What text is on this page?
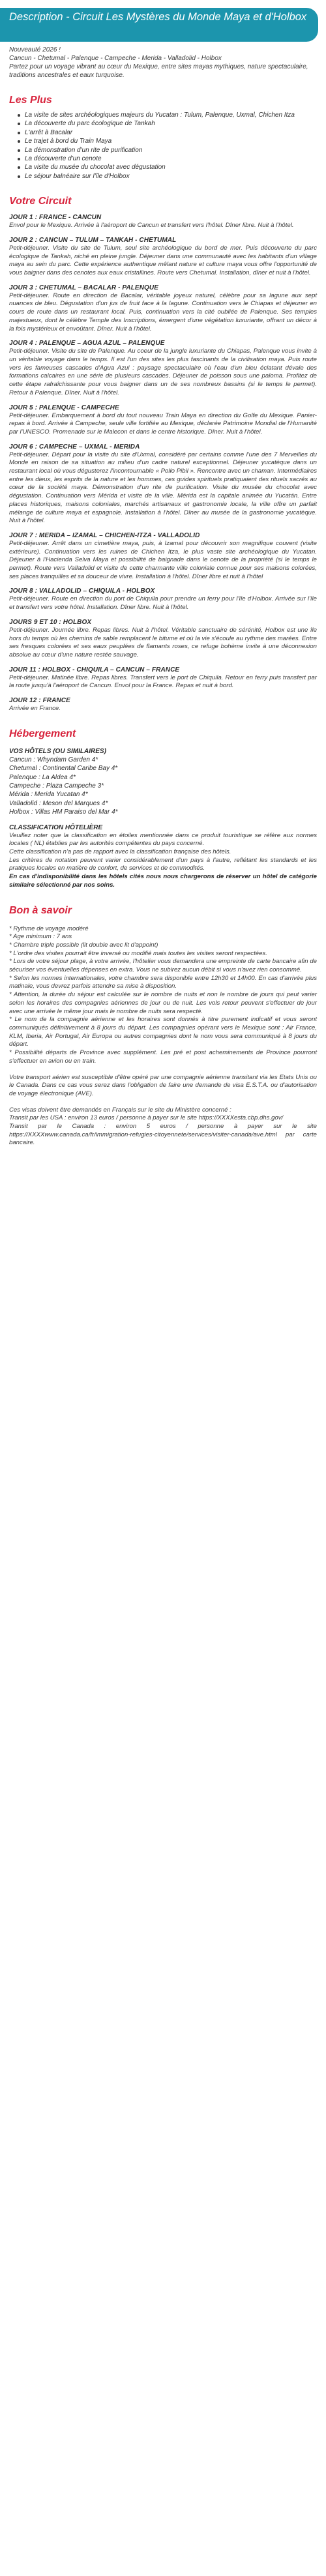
Description - Circuit Les Mystères du Monde Maya et d'Holbox

Nouveauté 2026 !

Cancun - Chetumal - Palenque - Campeche - Merida - Valladolid - Holbox

Partez pour un voyage vibrant au cœur du Mexique, entre sites mayas mythiques, nature spectaculaire, traditions ancestrales et eaux turquoise.

Les Plus
La visite de sites archéologiques majeurs du Yucatan : Tulum, Palenque, Uxmal, Chichen Itza
La découverte du parc écologique de Tankah
L'arrêt à Bacalar
Le trajet à bord du Train Maya
La démonstration d'un rite de purification
La découverte d'un cenote
La visite du musée du chocolat avec dégustation
Le séjour balnéaire sur l'île d'Holbox
Votre Circuit
JOUR 1 : FRANCE - CANCUN
Envol pour le Mexique. Arrivée à l'aéroport de Cancun et transfert vers l'hôtel. Dîner libre. Nuit à l'hôtel.
JOUR 2 : CANCUN – TULUM – TANKAH - CHETUMAL
Petit-déjeuner. Visite du site de Tulum, seul site archéologique du bord de mer. Puis découverte du parc écologique de Tankah, niché en pleine jungle. Déjeuner dans une communauté avec les habitants d'un village maya au sein du parc. Cette expérience authentique mêlant nature et culture maya vous offre l'opportunité de vous baigner dans des cenotes aux eaux cristallines. Route vers Chetumal. Installation, dîner et nuit à l'hôtel.
JOUR 3 : CHETUMAL – BACALAR - PALENQUE
Petit-déjeuner. Route en direction de Bacalar, véritable joyeux naturel, célèbre pour sa lagune aux sept nuances de bleu. Dégustation d'un jus de fruit face à la lagune. Continuation vers le Chiapas et déjeuner en cours de route dans un restaurant local. Puis, continuation vers la cité oubliée de Palenque. Ses temples majestueux, dont le célèbre Temple des Inscriptions, émergent d'une végétation luxuriante, offrant un décor à la fois mystérieux et envoûtant. Dîner. Nuit à l'hôtel.
JOUR 4 : PALENQUE – AGUA AZUL – PALENQUE
Petit-déjeuner. Visite du site de Palenque. Au coeur de la jungle luxuriante du Chiapas, Palenque vous invite à un véritable voyage dans le temps. Il est l'un des sites les plus fascinants de la civilisation maya. Puis route vers les fameuses cascades d'Agua Azul : paysage spectaculaire où l'eau d'un bleu éclatant dévale des formations calcaires en une série de plusieurs cascades. Déjeuner de poisson sous une paloma. Profitez de cette étape rafraîchissante pour vous baigner dans un de ses nombreux bassins (si le temps le permet). Retour à Palenque. Dîner. Nuit à l'hôtel.
JOUR 5 : PALENQUE - CAMPECHE
Petit-déjeuner. Embarquement à bord du tout nouveau Train Maya en direction du Golfe du Mexique. Panier-repas à bord. Arrivée à Campeche, seule ville fortifiée au Mexique, déclarée Patrimoine Mondial de l'Humanité par l'UNESCO. Promenade sur le Malecon et dans le centre historique. Dîner. Nuit à l'hôtel.
JOUR 6 : CAMPECHE – UXMAL - MERIDA
Petit-déjeuner. Départ pour la visite du site d'Uxmal, considéré par certains comme l'une des 7 Merveilles du Monde en raison de sa situation au milieu d'un cadre naturel exceptionnel. Déjeuner yucatèque dans un restaurant local où vous dégusterez l'incontournable « Pollo Pibil ». Rencontre avec un chaman. Intermédiaires entre les dieux, les esprits de la nature et les hommes, ces guides spirituels pratiquaient des rituels sacrés au cœur de la société maya. Démonstration d'un rite de purification. Visite du musée du chocolat avec dégustation. Continuation vers Mérida et visite de la ville. Mérida est la capitale animée du Yucatán. Entre places historiques, maisons coloniales, marchés artisanaux et gastronomie locale, la ville offre un parfait mélange de culture maya et espagnole. Installation à l'hôtel. Dîner au musée de la gastronomie yucatèque. Nuit à l'hôtel.
JOUR 7 : MERIDA – IZAMAL – CHICHEN-ITZA - VALLADOLID
Petit-déjeuner. Arrêt dans un cimetière maya, puis, à Izamal pour découvrir son magnifique couvent (visite extérieure). Continuation vers les ruines de Chichen Itza, le plus vaste site archéologique du Yucatan. Déjeuner à l'Hacienda Selva Maya et possibilité de baignade dans le cenote de la propriété (si le temps le permet). Route vers Valladolid et visite de cette charmante ville coloniale connue pour ses maisons colorées, ses places tranquilles et sa douceur de vivre. Installation à l'hôtel. Dîner libre et nuit à l'hôtel
JOUR 8 : VALLADOLID – CHIQUILA - HOLBOX
Petit-déjeuner. Route en direction du port de Chiquila pour prendre un ferry pour l'île d'Holbox. Arrivée sur l'île et transfert vers votre hôtel. Installation. Dîner libre. Nuit à l'hôtel.
JOURS 9 ET 10 : HOLBOX
Petit-déjeuner. Journée libre. Repas libres. Nuit à l'hôtel. Véritable sanctuaire de sérénité, Holbox est une île hors du temps où les chemins de sable remplacent le bitume et où la vie s'écoule au rythme des marées. Entre ses fresques colorées et ses eaux peuplées de flamants roses, ce refuge bohème invite à une déconnexion absolue au cœur d'une nature restée sauvage.
JOUR 11 : HOLBOX - CHIQUILA – CANCUN – FRANCE
Petit-déjeuner. Matinée libre. Repas libres. Transfert vers le port de Chiquila. Retour en ferry puis transfert par la route jusqu'à l'aéroport de Cancun. Envol pour la France. Repas et nuit à bord.
JOUR 12 : FRANCE
Arrivée en France.
Hébergement
VOS HÔTELS (OU SIMILAIRES)
Cancun : Whyndam Garden 4*
Chetumal : Continental Caribe Bay 4*
Palenque : La Aldea 4*
Campeche : Plaza Campeche 3*
Mérida : Merida Yucatan 4*
Valladolid : Meson del Marques 4*
Holbox : Villas HM Paraiso del Mar 4*
CLASSIFICATION HÔTELIÈRE

Veuillez noter que la classification en étoiles mentionnée dans ce produit touristique se réfère aux normes locales ( NL) établies par les autorités compétentes du pays concerné.

Cette classification n'a pas de rapport avec la classification française des hôtels.

Les critères de notation peuvent varier considérablement d'un pays à l'autre, reflétant les standards et les pratiques locales en matière de confort, de services et de commodités.

En cas d'indisponibilité dans les hôtels cités nous nous chargerons de réserver un hôtel de catégorie similaire sélectionné par nos soins.

Bon à savoir

* Rythme de voyage modéré

* Age minimum : 7 ans

* Chambre triple possible (lit double avec lit d'appoint)

* L'ordre des visites pourrait être inversé ou modifié mais toutes les visites seront respectées.

* Lors de votre séjour plage, à votre arrivée, l'hôtelier vous demandera une empreinte de carte bancaire afin de sécuriser vos éventuelles dépenses en extra. Vous ne subirez aucun débit si vous n'avez rien consommé.

* Selon les normes internationales, votre chambre sera disponible entre 12h30 et 14h00. En cas d'arrivée plus matinale, vous devrez parfois attendre sa mise à disposition.

* Attention, la durée du séjour est calculée sur le nombre de nuits et non le nombre de jours qui peut varier selon les horaires des compagnies aériennes de jour ou de nuit. Les vols retour peuvent s'effectuer de jour avec une arrivée le même jour mais le nombre de nuits sera respecté.

* Le nom de la compagnie aérienne et les horaires sont donnés à titre purement indicatif et vous seront communiqués définitivement à 8 jours du départ. Les compagnies opérant vers le Mexique sont : Air France, KLM, Iberia, Air Portugal, Air Europa ou autres compagnies dont le nom vous sera communiqué à 8 jours du départ.

* Possibilité départs de Province avec supplément. Les pré et post acheminements de Province pourront s'effectuer en avion ou en train.

Votre transport aérien est susceptible d'être opéré par une compagnie aérienne transitant via les Etats Unis ou le Canada. Dans ce cas vous serez dans l'obligation de faire une demande de visa E.S.T.A. ou d'autorisation de voyage électronique (AVE).

Ces visas doivent être demandés en Français sur le site du Ministère concerné :

Transit par les USA : environ 13 euros / personne à payer sur le site https://XXXXesta.cbp.dhs.gov/

Transit par le Canada : environ 5 euros / personne à payer sur le site https://XXXXwww.canada.ca/fr/immigration-refugies-citoyennete/services/visiter-canada/ave.html par carte bancaire.
